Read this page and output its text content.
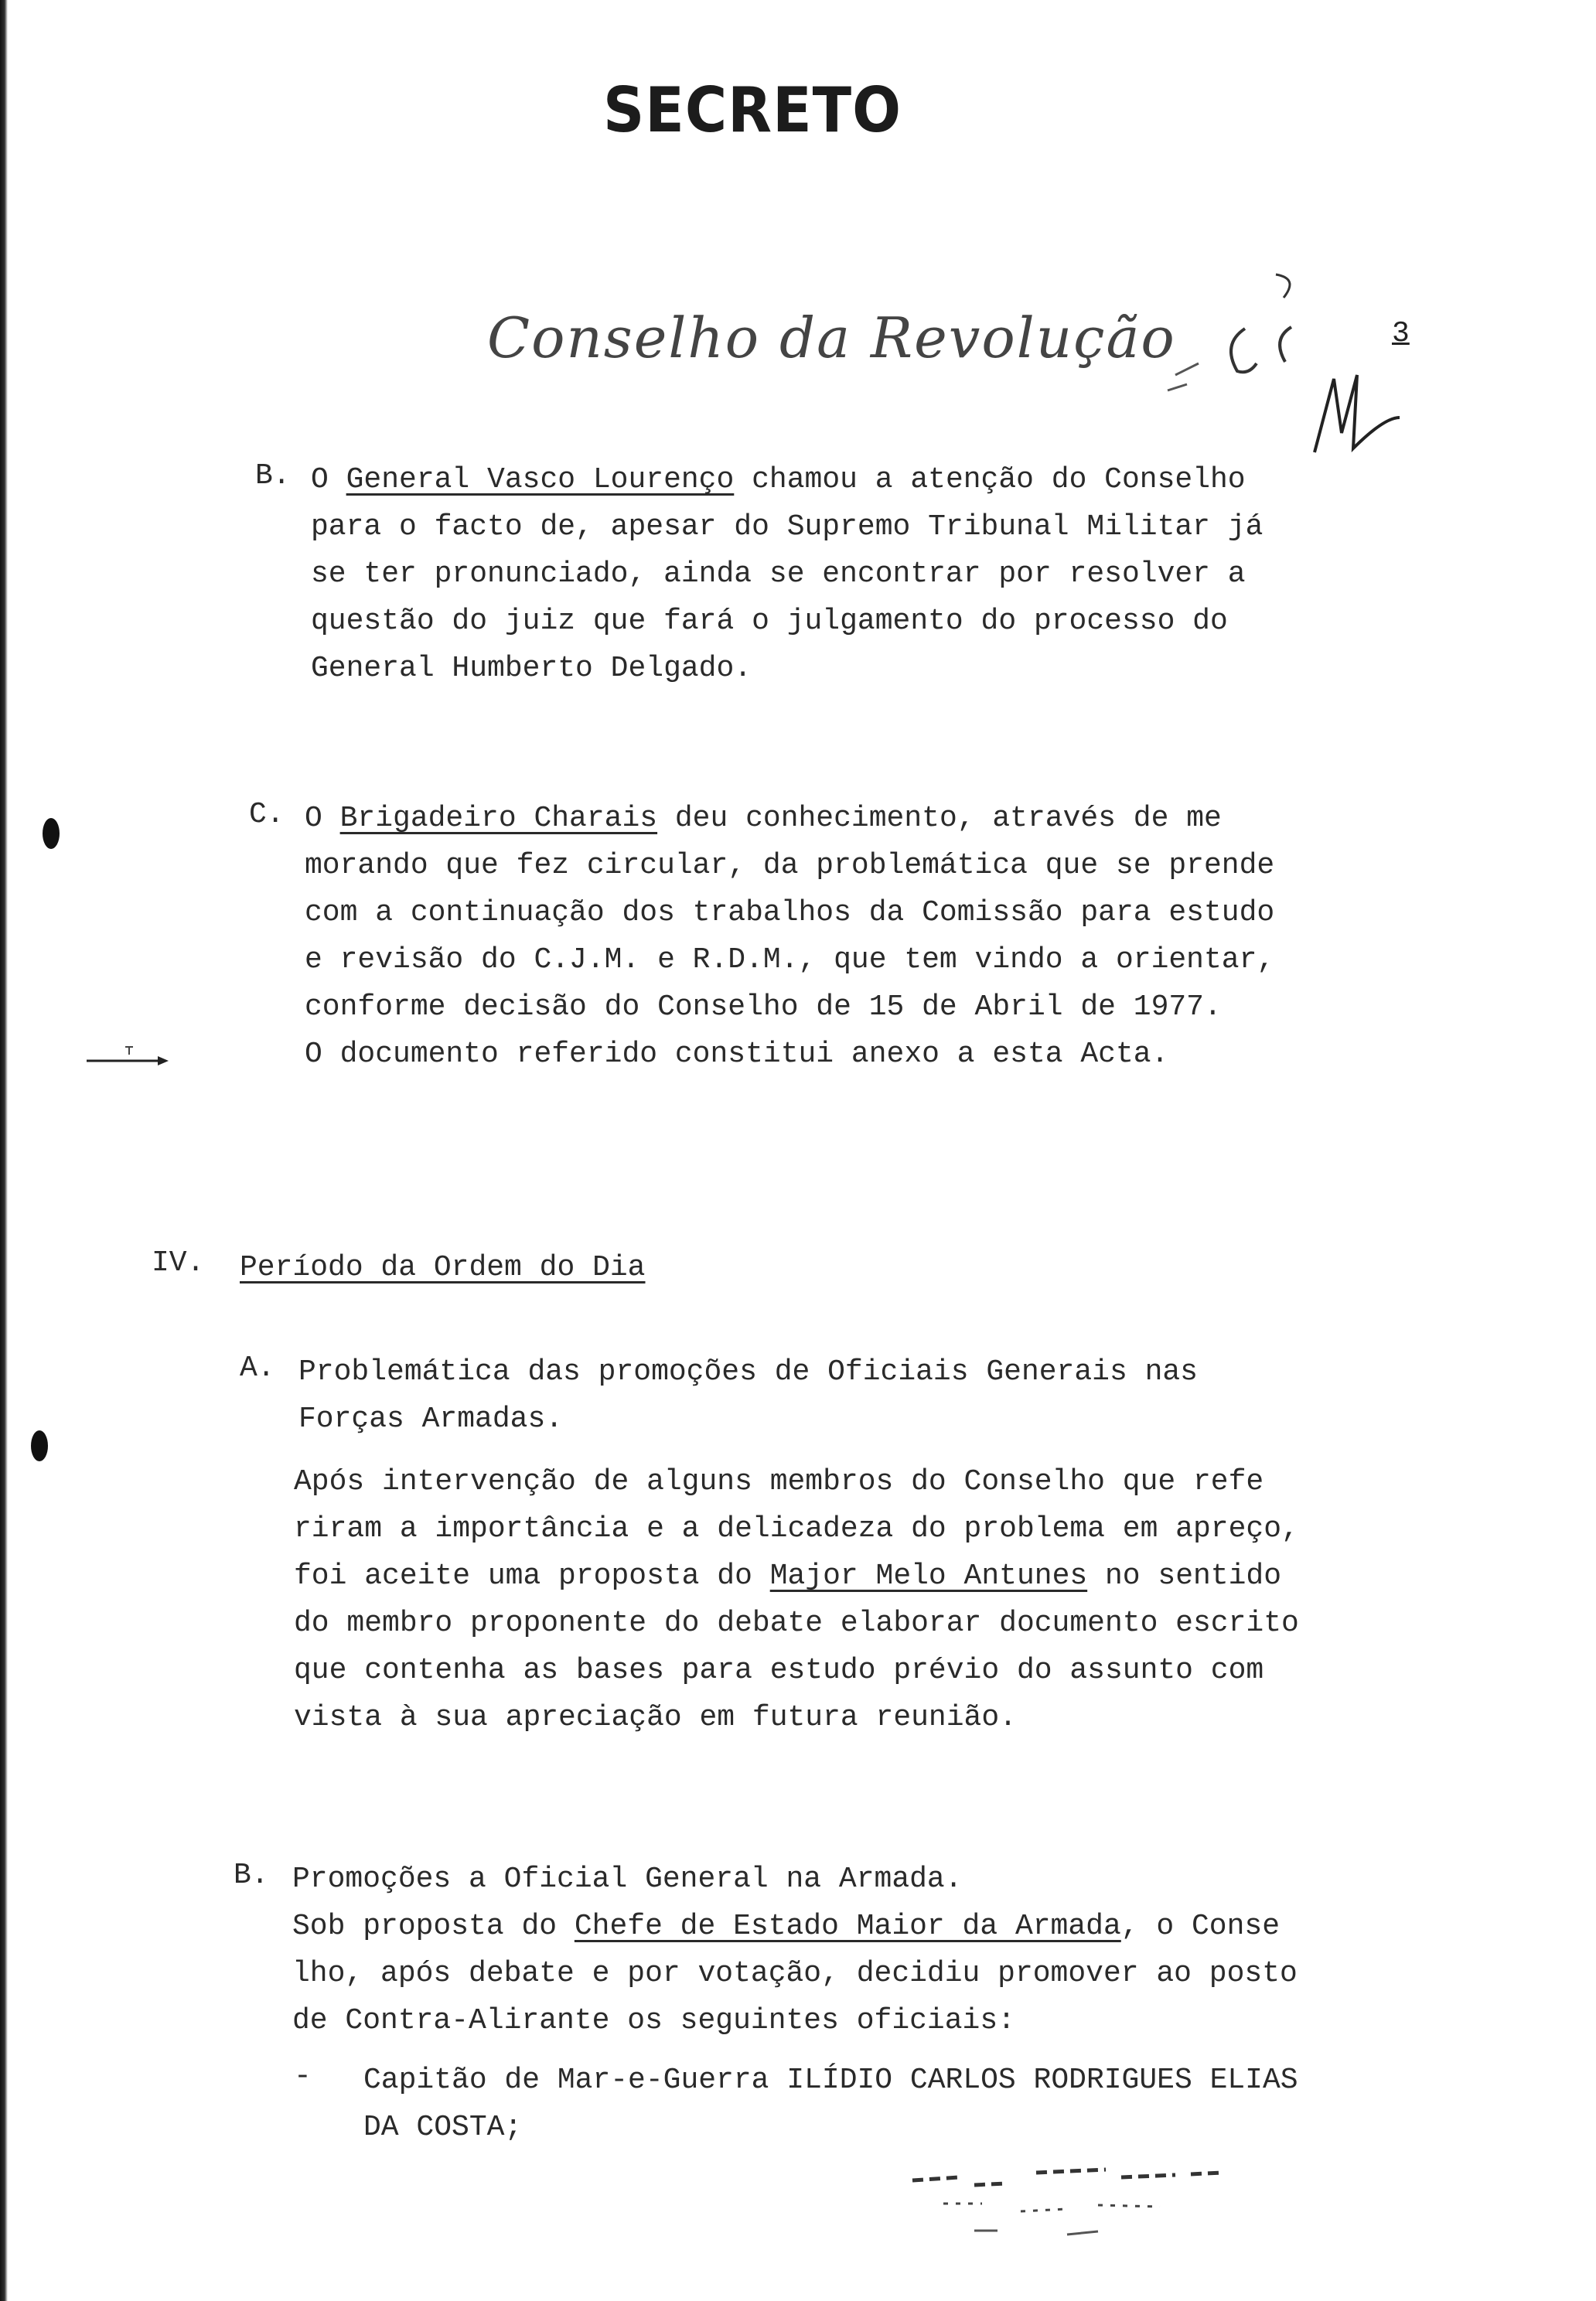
SECRETO
Conselho da Revolução	3
B. O General Vasco Lourenço chamou a atenção do Conselho

para o facto de, apesar do Supremo Tribunal Militar já

se ter pronunciado, ainda se encontrar por resolver a

questão do juiz que fará o julgamento do processo do

General Humberto Delgado.

C. O Brigadeiro Charais deu conhecimento, através de me

morando que fez circular, da problemática que se prende

com a continuação dos trabalhos da Comissão para estudo

e revisão do C.J.M. e R.D.M., que tem vindo a orientar,

conforme decisão do Conselho de 15 de Abril de 1977.

O documento referido constitui anexo a esta Acta.

IV. Período da Ordem do Dia
A. Problemática das promoções de Oficiais Generais nas

Forças Armadas.

Após intervenção de alguns membros do Conselho que refe

riram a importância e a delicadeza do problema em apreço,

foi aceite uma proposta do Major Melo Antunes no sentido

do membro proponente do debate elaborar documento escrito

que contenha as bases para estudo prévio do assunto com

vista à sua apreciação em futura reunião.

B. Promoções a Oficial General na Armada.

Sob proposta do Chefe de Estado Maior da Armada, o Conse

lho, após debate e por votação, decidiu promover ao posto

de Contra-Alirante os seguintes oficiais:

- Capitão de Mar-e-Guerra ILÍDIO CARLOS RODRIGUES ELIAS

DA COSTA;
